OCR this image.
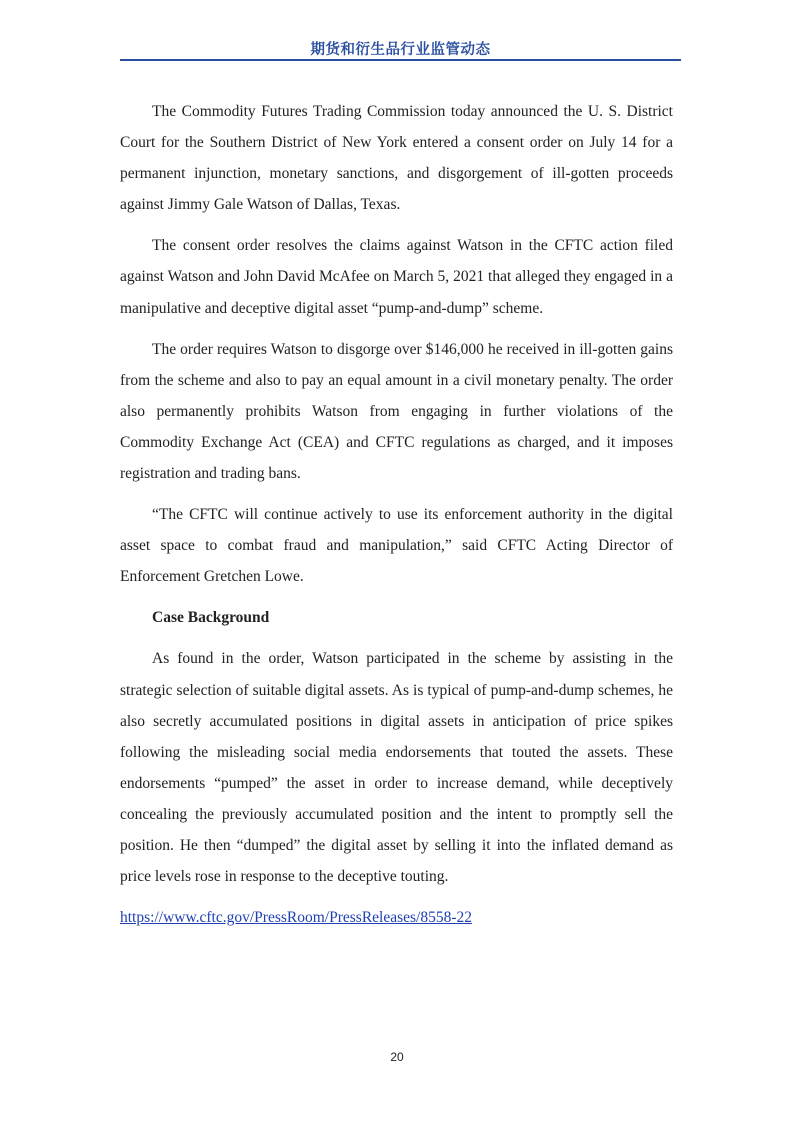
期货和衍生品行业监管动态

The Commodity Futures Trading Commission today announced the U. S. District Court for the Southern District of New York entered a consent order on July 14 for a permanent injunction, monetary sanctions, and disgorgement of ill-gotten proceeds against Jimmy Gale Watson of Dallas, Texas.

The consent order resolves the claims against Watson in the CFTC action filed against Watson and John David McAfee on March 5, 2021 that alleged they engaged in a manipulative and deceptive digital asset “pump-and-dump” scheme.

The order requires Watson to disgorge over $146,000 he received in ill-gotten gains from the scheme and also to pay an equal amount in a civil monetary penalty. The order also permanently prohibits Watson from engaging in further violations of the Commodity Exchange Act (CEA) and CFTC regulations as charged, and it imposes registration and trading bans.

“The CFTC will continue actively to use its enforcement authority in the digital asset space to combat fraud and manipulation,” said CFTC Acting Director of Enforcement Gretchen Lowe.

Case Background

As found in the order, Watson participated in the scheme by assisting in the strategic selection of suitable digital assets. As is typical of pump-and-dump schemes, he also secretly accumulated positions in digital assets in anticipation of price spikes following the misleading social media endorsements that touted the assets. These endorsements “pumped” the asset in order to increase demand, while deceptively concealing the previously accumulated position and the intent to promptly sell the position. He then “dumped” the digital asset by selling it into the inflated demand as price levels rose in response to the deceptive touting.

https://www.cftc.gov/PressRoom/PressReleases/8558-22
20
